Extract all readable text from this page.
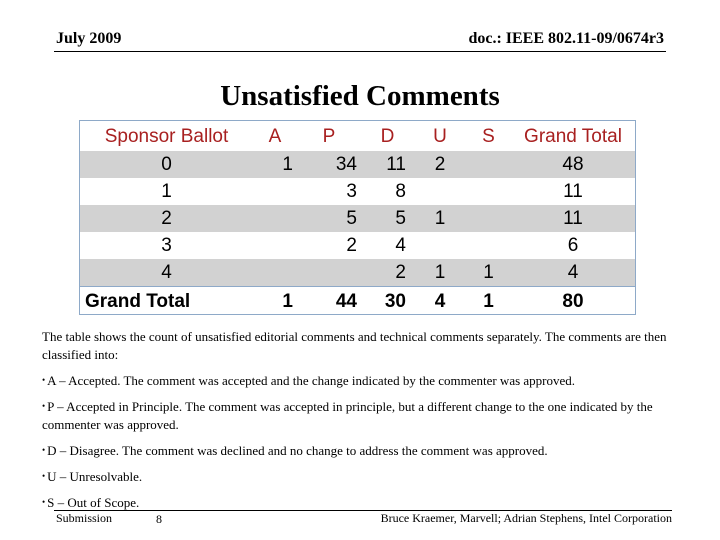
July 2009	doc.: IEEE 802.11-09/0674r3
Unsatisfied Comments
Sponsor Ballot	A	P	D	U	S	Grand Total
0	1	34	11	2		48
1		3	8			11
2		5	5	1		11
3		2	4			6
4			2	1	1	4
Grand Total	1	44	30	4	1	80

The table shows the count of unsatisfied editorial comments and technical comments separately. The comments are then classified into:

• A – Accepted. The comment was accepted and the change indicated by the commenter was approved.

• P – Accepted in Principle. The comment was accepted in principle, but a different change to the one indicated by the commenter was approved.

• D – Disagree. The comment was declined and no change to address the comment was approved.

• U – Unresolvable.

• S – Out of Scope.

Submission	8	Bruce Kraemer, Marvell; Adrian Stephens, Intel Corporation
